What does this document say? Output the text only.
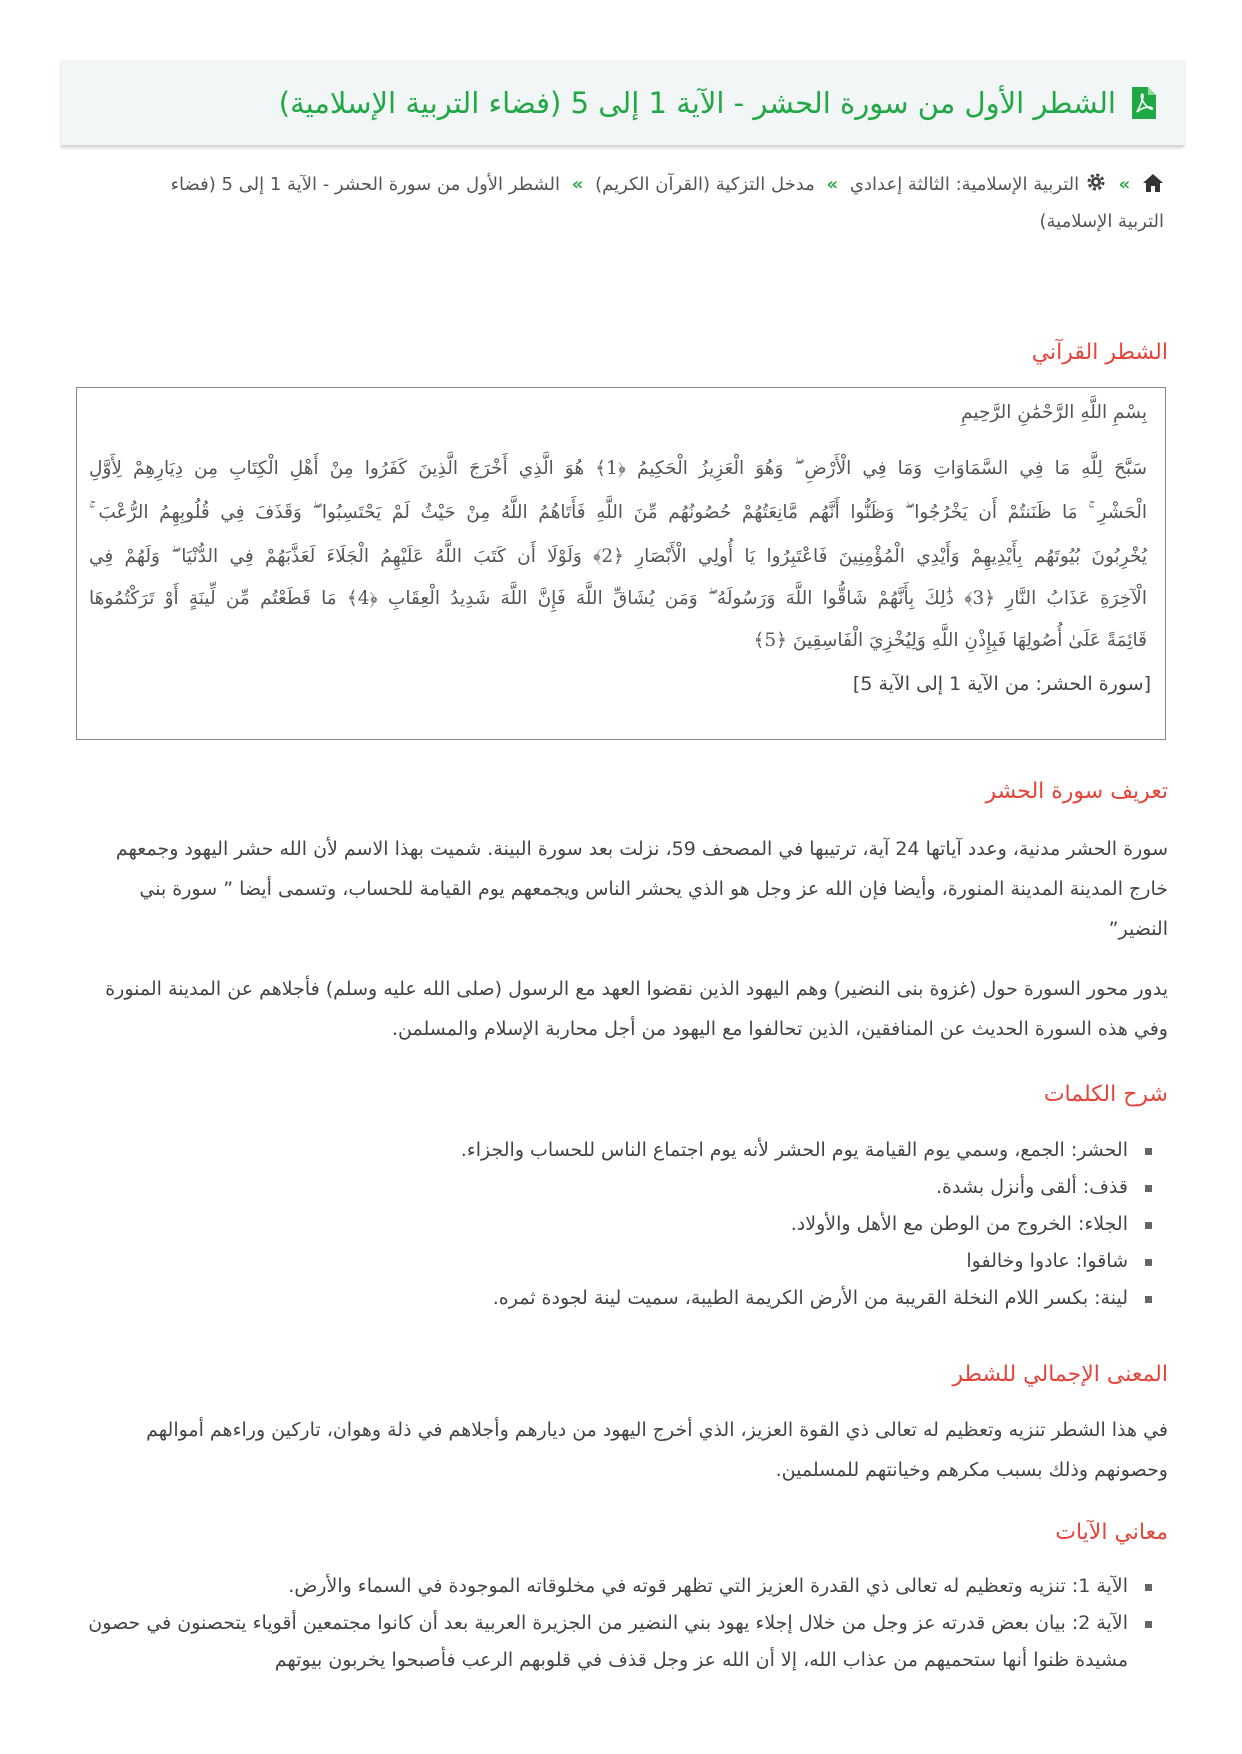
الشطر الأول من سورة الحشر - الآية 1 إلى 5 (فضاء التربية الإسلامية)
»  التربية الإسلامية: الثالثة إعدادي » مدخل التزكية (القرآن الكريم) » الشطر الأول من سورة الحشر - الآية 1 إلى 5 (فضاء
التربية الإسلامية)
الشطر القرآني
بِسْمِ اللَّهِ الرَّحْمَٰنِ الرَّحِيمِ
سَبَّحَ لِلَّهِ مَا فِي السَّمَاوَاتِ وَمَا فِي الْأَرْضِ ۖ وَهُوَ الْعَزِيزُ الْحَكِيمُ ﴿1﴾ هُوَ الَّذِي أَخْرَجَ الَّذِينَ كَفَرُوا مِنْ أَهْلِ الْكِتَابِ مِن دِيَارِهِمْ لِأَوَّلِ
الْحَشْرِ ۚ مَا ظَنَنتُمْ أَن يَخْرُجُوا ۖ وَظَنُّوا أَنَّهُم مَّانِعَتُهُمْ حُصُونُهُم مِّنَ اللَّهِ فَأَتَاهُمُ اللَّهُ مِنْ حَيْثُ لَمْ يَحْتَسِبُوا ۖ وَقَذَفَ فِي قُلُوبِهِمُ الرُّعْبَ ۚ
يُخْرِبُونَ بُيُوتَهُم بِأَيْدِيهِمْ وَأَيْدِي الْمُؤْمِنِينَ فَاعْتَبِرُوا يَا أُولِي الْأَبْصَارِ ﴿2﴾ وَلَوْلَا أَن كَتَبَ اللَّهُ عَلَيْهِمُ الْجَلَاءَ لَعَذَّبَهُمْ فِي الدُّنْيَا ۖ وَلَهُمْ فِي
الْآخِرَةِ عَذَابُ النَّارِ ﴿3﴾ ذَٰلِكَ بِأَنَّهُمْ شَاقُّوا اللَّهَ وَرَسُولَهُ ۖ وَمَن يُشَاقِّ اللَّهَ فَإِنَّ اللَّهَ شَدِيدُ الْعِقَابِ ﴿4﴾ مَا قَطَعْتُم مِّن لِّينَةٍ أَوْ تَرَكْتُمُوهَا
قَائِمَةً عَلَىٰ أُصُولِهَا فَبِإِذْنِ اللَّهِ وَلِيُخْزِيَ الْفَاسِقِينَ ﴿5﴾
[سورة الحشر: من الآية 1 إلى الآية 5]
تعريف سورة الحشر
سورة الحشر مدنية، وعدد آياتها 24 آية، ترتيبها في المصحف 59، نزلت بعد سورة البينة. شميت بهذا الاسم لأن الله حشر اليهود وجمعهم خارج المدينة المدينة المنورة، وأيضا فإن الله عز وجل هو الذي يحشر الناس ويجمعهم يوم القيامة للحساب، وتسمى أيضا ” سورة بني النضير”
يدور محور السورة حول (غزوة بنى النضير) وهم اليهود الذين نقضوا العهد مع الرسول (صلى الله عليه وسلم) فأجلاهم عن المدينة المنورة وفي هذه السورة الحديث عن المنافقين، الذين تحالفوا مع اليهود من أجل محاربة الإسلام والمسلمن.
شرح الكلمات
الحشر: الجمع، وسمي يوم القيامة يوم الحشر لأنه يوم اجتماع الناس للحساب والجزاء.
قذف: ألقى وأنزل بشدة.
الجلاء: الخروج من الوطن مع الأهل والأولاد.
شاقوا: عادوا وخالفوا
لينة: بكسر اللام النخلة القريبة من الأرض الكريمة الطيبة، سميت لينة لجودة ثمره.
المعنى الإجمالي للشطر
في هذا الشطر تنزيه وتعظيم له تعالى ذي القوة العزيز، الذي أخرج اليهود من ديارهم وأجلاهم في ذلة وهوان، تاركين وراءهم أموالهم وحصونهم وذلك بسبب مكرهم وخيانتهم للمسلمين.
معاني الآيات
الآية 1: تنزيه وتعظيم له تعالى ذي القدرة العزيز التي تظهر قوته في مخلوقاته الموجودة في السماء والأرض.
الآية 2: بيان بعض قدرته عز وجل من خلال إجلاء يهود بني النضير من الجزيرة العربية بعد أن كانوا مجتمعين أقوياء يتحصنون في حصون مشيدة ظنوا أنها ستحميهم من عذاب الله، إلا أن الله عز وجل قذف في قلوبهم الرعب فأصبحوا يخربون بيوتهم
